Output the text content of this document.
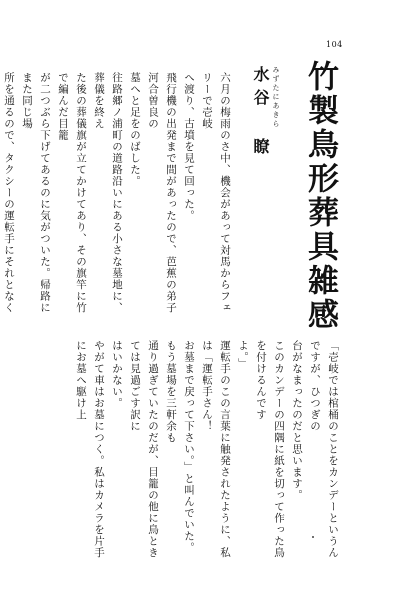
104
竹製鳥形葬具雑感
みずたにあきら
水谷 瞭
六月の梅雨のさ中、機会があって対馬からフェリーで壱岐
へ渡り、古墳を見て回った。
飛行機の出発まで間があったので、芭蕉の弟子河合曽良の
墓へと足をのばした。
往路郷ノ浦町の道路沿いにある小さな墓地に、葬儀を終え
た後の葬儀旗が立てかけてあり、その旗竿に竹で編んだ目籠
が二つぶら下げてあるのに気がついた。帰路にまた同じ場
所を通るので、タクシーの運転手にそれとなく

「壱岐では棺桶のことをカンデーというんですが、ひつぎの
台がなまったのだと思います。
このカンデーの四隅に紙を切って作った鳥を付けるんです
よ。」
運転手のこの言葉に触発されたように、私は「運転手さん！
お墓まで戻って下さい。」と叫んでいた。もう墓場を三軒余も
通り過ぎていたのだが、目籠の他に鳥ときては見過ごす訳に
はいかない。
やがて車はお墓につく。私はカメラを片手にお墓へ駆け上
